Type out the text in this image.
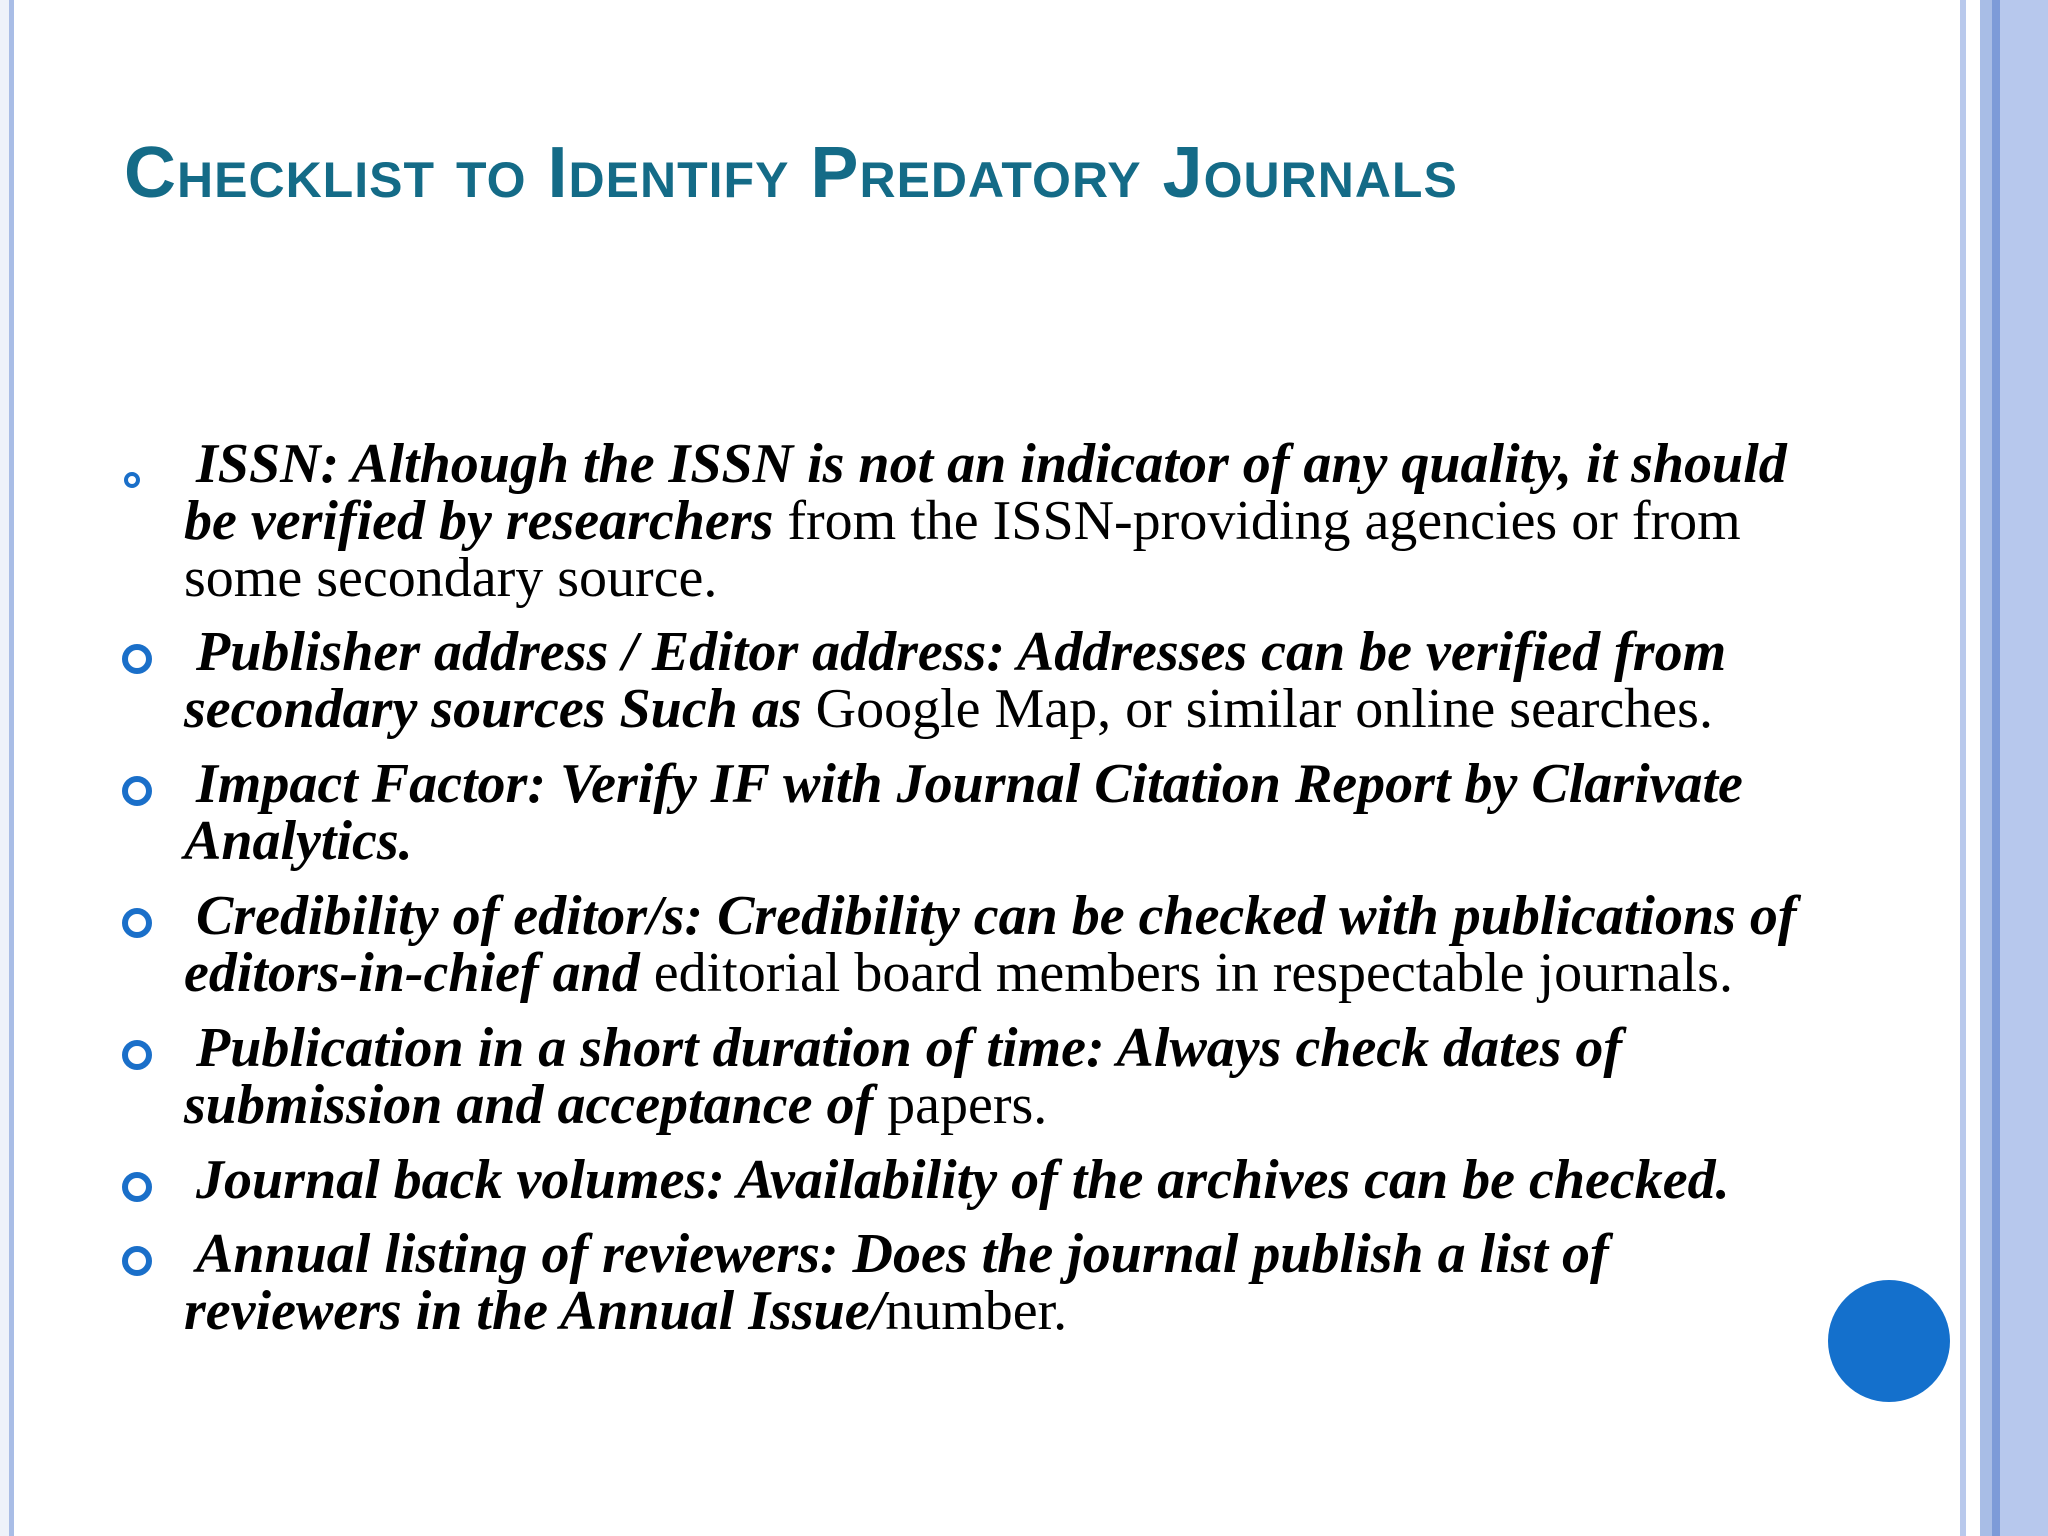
Checklist to Identify Predatory Journals
ISSN: Although the ISSN is not an indicator of any quality, it should
be verified by researchers from the ISSN-providing agencies or from
some secondary source.
Publisher address / Editor address: Addresses can be verified from
secondary sources Such as Google Map, or similar online searches.
Impact Factor: Verify IF with Journal Citation Report by Clarivate
Analytics.
Credibility of editor/s: Credibility can be checked with publications of
editors-in-chief and editorial board members in respectable journals.
Publication in a short duration of time: Always check dates of
submission and acceptance of papers.
Journal back volumes: Availability of the archives can be checked.
Annual listing of reviewers: Does the journal publish a list of
reviewers in the Annual Issue/number.
